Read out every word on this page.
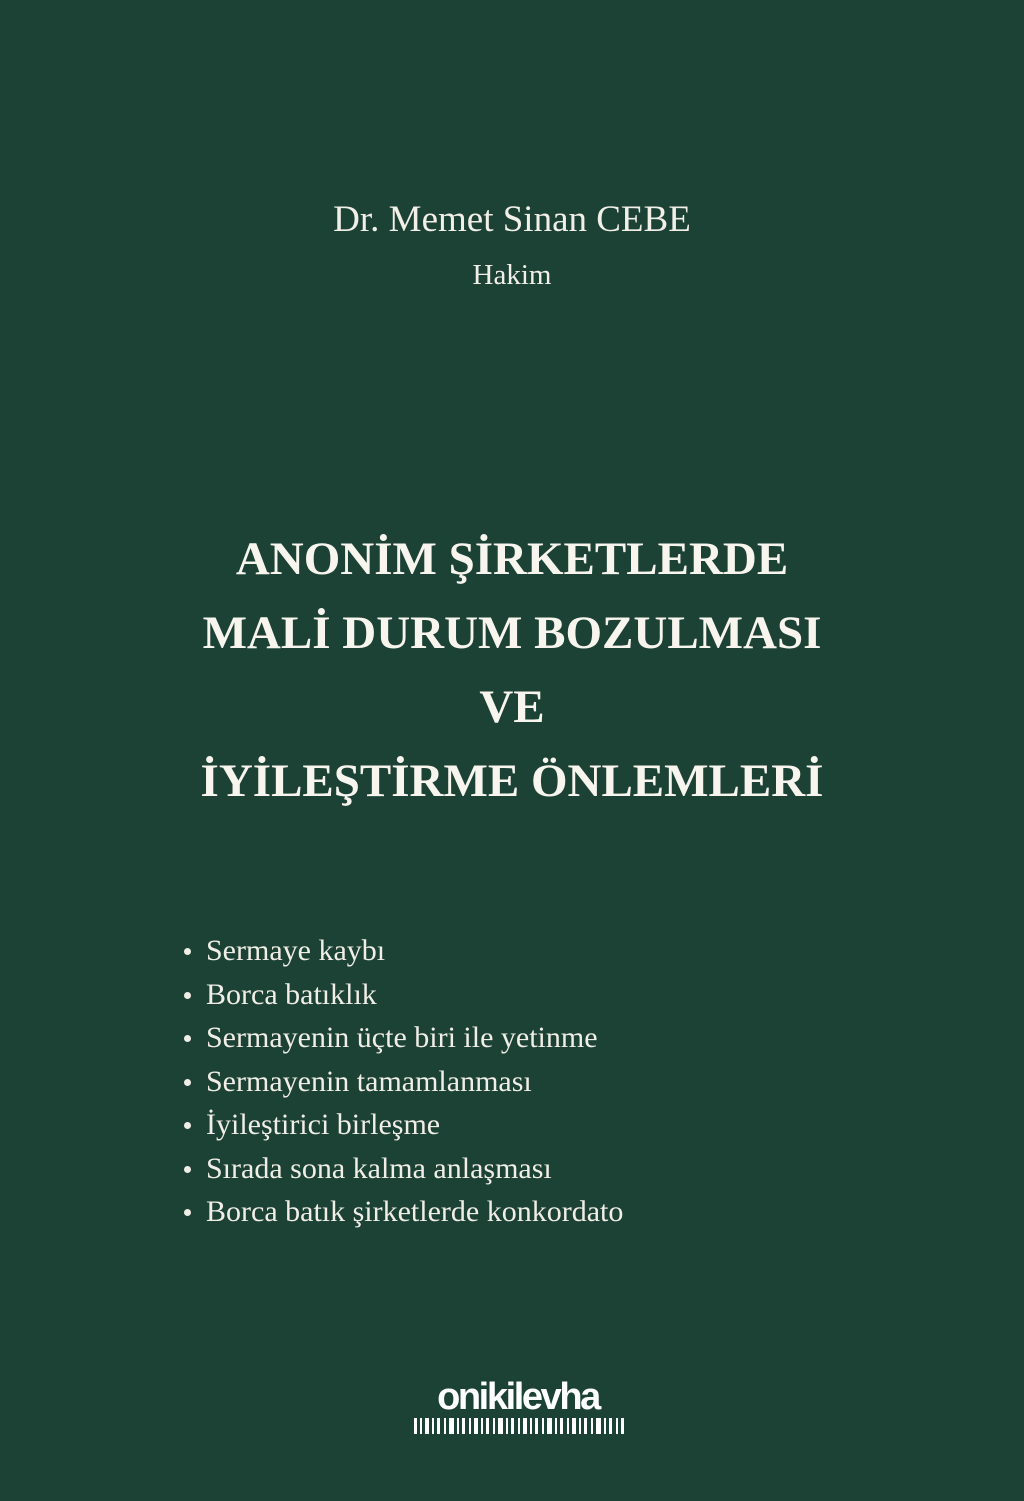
Dr. Memet Sinan CEBE
Hakim
ANONİM ŞİRKETLERDE
MALİ DURUM BOZULMASI
VE
İYİLEŞTİRME ÖNLEMLERİ
Sermaye kaybı
Borca batıklık
Sermayenin üçte biri ile yetinme
Sermayenin tamamlanması
İyileştirici birleşme
Sırada sona kalma anlaşması
Borca batık şirketlerde konkordato
onikilevha
